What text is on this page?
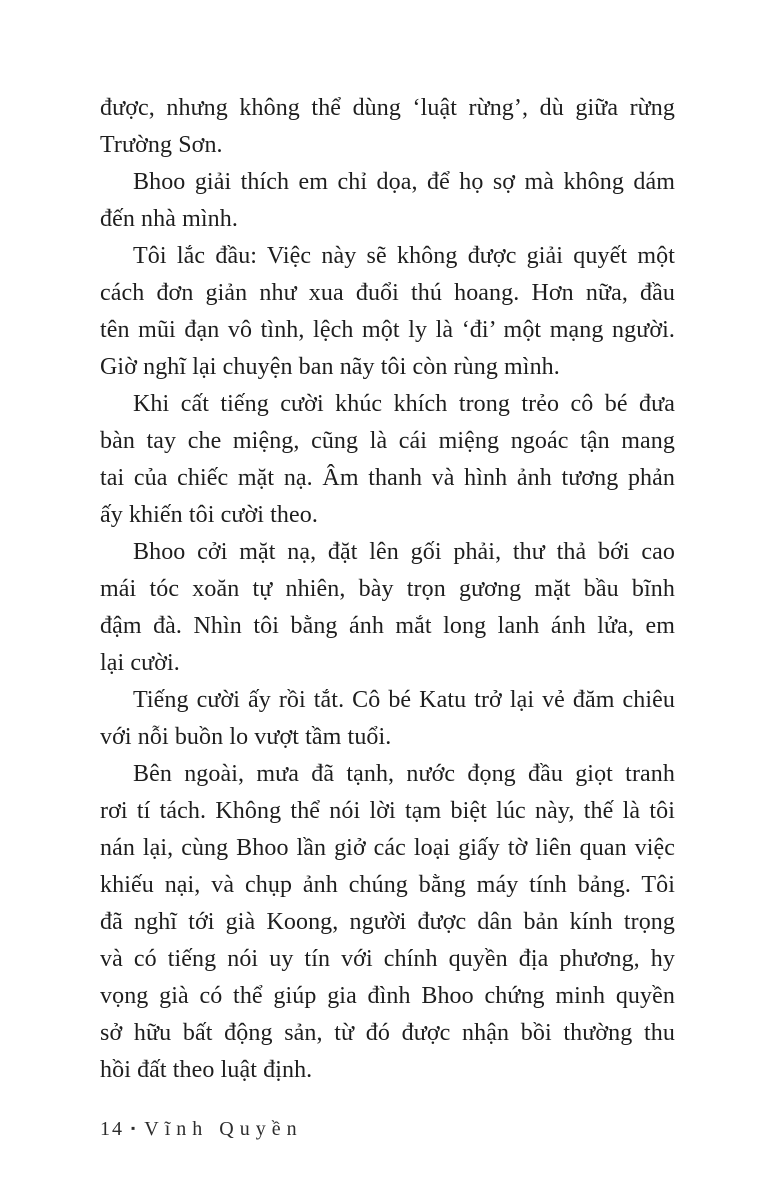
được, nhưng không thể dùng ‘luật rừng’, dù giữa rừng
Trường Sơn.
Bhoo giải thích em chỉ dọa, để họ sợ mà không dám
đến nhà mình.
Tôi lắc đầu: Việc này sẽ không được giải quyết một
cách đơn giản như xua đuổi thú hoang. Hơn nữa, đầu
tên mũi đạn vô tình, lệch một ly là ‘đi’ một mạng người.
Giờ nghĩ lại chuyện ban nãy tôi còn rùng mình.
Khi cất tiếng cười khúc khích trong trẻo cô bé đưa
bàn tay che miệng, cũng là cái miệng ngoác tận mang
tai của chiếc mặt nạ. Âm thanh và hình ảnh tương phản
ấy khiến tôi cười theo.
Bhoo cởi mặt nạ, đặt lên gối phải, thư thả bới cao
mái tóc xoăn tự nhiên, bày trọn gương mặt bầu bĩnh
đậm đà. Nhìn tôi bằng ánh mắt long lanh ánh lửa, em
lại cười.
Tiếng cười ấy rồi tắt. Cô bé Katu trở lại vẻ đăm chiêu
với nỗi buồn lo vượt tầm tuổi.
Bên ngoài, mưa đã tạnh, nước đọng đầu giọt tranh
rơi tí tách. Không thể nói lời tạm biệt lúc này, thế là tôi
nán lại, cùng Bhoo lần giở các loại giấy tờ liên quan việc
khiếu nại, và chụp ảnh chúng bằng máy tính bảng. Tôi
đã nghĩ tới già Koong, người được dân bản kính trọng
và có tiếng nói uy tín với chính quyền địa phương, hy
vọng già có thể giúp gia đình Bhoo chứng minh quyền
sở hữu bất động sản, từ đó được nhận bồi thường thu
hồi đất theo luật định.
14 ▪ Vĩnh Quyền
